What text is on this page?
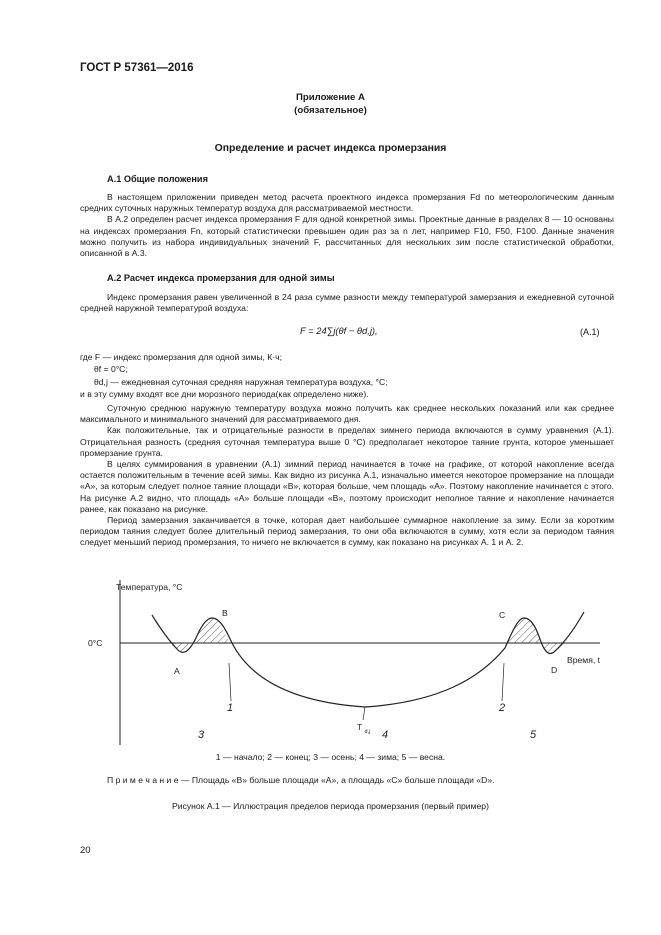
ГОСТ Р 57361—2016
Приложение А
(обязательное)
Определение и расчет индекса промерзания
А.1 Общие положения

В настоящем приложении приведен метод расчета проектного индекса промерзания Fd по метеорологическим данным средних суточных наружных температур воздуха для рассматриваемой местности.

В А.2 определен расчет индекса промерзания F для одной конкретной зимы. Проектные данные в разделах 8 — 10 основаны на индексах промерзания Fn, который статистически превышен один раз за n лет, например F10, F50, F100. Данные значения можно получить из набора индивидуальных значений F, рассчитанных для нескольких зим после статистической обработки, описанной в А.3.

А.2 Расчет индекса промерзания для одной зимы

Индекс промерзания равен увеличенной в 24 раза сумме разности между температурой замерзания и ежедневной суточной средней наружной температурой воздуха:

F = 24∑j(θf − θd,j),	(А.1)
где F — индекс промерзания для одной зимы, К·ч;
θf = 0°C;
θd,j — ежедневная суточная средняя наружная температура воздуха, °C;
и в эту сумму входят все дни морозного периода(как определено ниже).

Суточную среднюю наружную температуру воздуха можно получить как среднее нескольких показаний или как среднее максимального и минимального значений для рассматриваемого дня.

Как положительные, так и отрицательные разности в пределах зимнего периода включаются в сумму уравнения (А.1). Отрицательная разность (средняя суточная температура выше 0 °С) предполагает некоторое таяние грунта, которое уменьшает промерзание грунта.

В целях суммирования в уравнении (А.1) зимний период начинается в точке на графике, от которой накопление всегда остается положительным в течение всей зимы. Как видно из рисунка А.1, изначально имеется некоторое промерзание на площади «А», за которым следует полное таяние площади «В», которая больше, чем площадь «А». Поэтому накопление начинается с этого. На рисунке А.2 видно, что площадь «А» больше площади «В», поэтому происходит неполное таяние и накопление начинается ранее, как показано на рисунке.

Период замерзания заканчивается в точке, которая дает наибольшее суммарное накопление за зиму. Если за коротким периодом таяния следует более длительный период замерзания, то они оба включаются в сумму, хотя если за периодом таяния следует меньший период промерзания, то ничего не включается в сумму, как показано на рисунках А. 1 и А. 2.

Температура, °С
0°C
Время, t
А
В	С
D
1	2
3	4	5
T $_{d,j}$
1 — начало; 2 — конец; 3 — осень; 4 — зима; 5 — весна.
П р и м е ч а н и е — Площадь «В» больше площади «А», а площадь «С» больше площади «D».
Рисунок А.1 — Иллюстрация пределов периода промерзания (первый пример)
20
